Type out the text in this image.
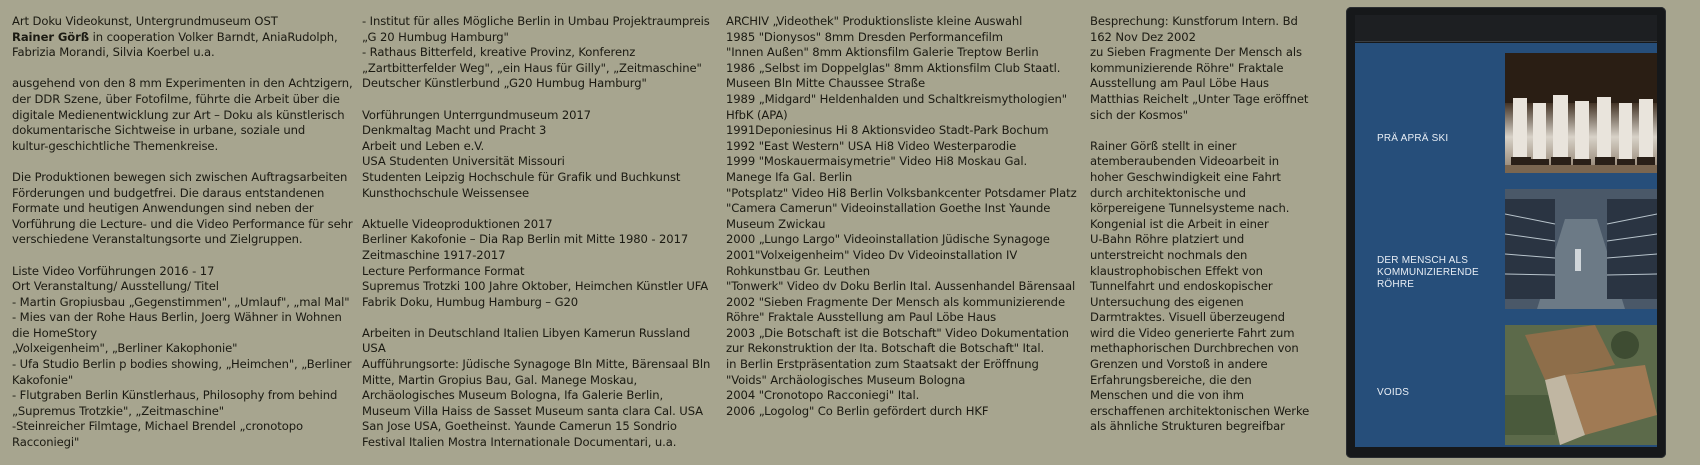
Art Doku Videokunst, Untergrundmuseum OST

Rainer Görß in cooperation Volker Barndt, AniaRudolph,
Fabrizia Morandi, Silvia Koerbel u.a.

ausgehend von den 8 mm Experimenten in den Achtzigern,
der DDR Szene, über Fotofilme, führte die Arbeit über die
digitale Medienentwicklung zur Art – Doku als künstlerisch
dokumentarische Sichtweise in urbane, soziale und
kultur-geschichtliche Themenkreise.

Die Produktionen bewegen sich zwischen Auftragsarbeiten
Förderungen und budgetfrei. Die daraus entstandenen
Formate und heutigen Anwendungen sind neben der
Vorführung die Lecture- und die Video Performance für sehr
verschiedene Veranstaltungsorte und Zielgruppen.

Liste Video Vorführungen 2016 - 17

Ort Veranstaltung/ Ausstellung/ Titel
- Martin Gropiusbau „Gegenstimmen", „Umlauf", „mal Mal"
- Mies van der Rohe Haus Berlin, Joerg Wähner in Wohnen
die HomeStory
„Volxeigenheim", „Berliner Kakophonie"
- Ufa Studio Berlin p bodies showing, „Heimchen", „Berliner
Kakofonie"
- Flutgraben Berlin Künstlerhaus, Philosophy from behind
„Supremus Trotzkie", „Zeitmaschine"
-Steinreicher Filmtage, Michael Brendel „cronotopo
Racconiegi"

- Institut für alles Mögliche Berlin in Umbau Projektraumpreis
„G 20 Humbug Hamburg"
- Rathaus Bitterfeld, kreative Provinz, Konferenz
„Zartbitterfelder Weg", „ein Haus für Gilly", „Zeitmaschine"
Deutscher Künstlerbund „G20 Humbug Hamburg"

Vorführungen Unterrgundmuseum 2017

Denkmaltag Macht und Pracht 3
Arbeit und Leben e.V.
USA Studenten Universität Missouri
Studenten Leipzig Hochschule für Grafik und Buchkunst
Kunsthochschule Weissensee

Aktuelle Videoproduktionen 2017

Berliner Kakofonie – Dia Rap Berlin mit Mitte 1980 - 2017
Zeitmaschine 1917-2017
Lecture Performance Format
Supremus Trotzki 100 Jahre Oktober, Heimchen Künstler UFA
Fabrik Doku, Humbug Hamburg – G20

Arbeiten in Deutschland Italien Libyen Kamerun Russland USA
Aufführungsorte: Jüdische Synagoge Bln Mitte, Bärensaal Bln
Mitte, Martin Gropius Bau, Gal. Manege Moskau,
Archäologisches Museum Bologna, Ifa Galerie Berlin,
Museum Villa Haiss de Sasset Museum santa clara Cal. USA
San Jose USA, Goetheinst. Yaunde Camerun 15 Sondrio
Festival Italien Mostra Internationale Documentari, u.a.

ARCHIV „Videothek" Produktionsliste kleine Auswahl

1985 "Dionysos" 8mm Dresden Performancefilm
"Innen Außen" 8mm Aktionsfilm Galerie Treptow Berlin
1986 „Selbst im Doppelglas" 8mm Aktionsfilm Club Staatl.
Museen Bln Mitte Chaussee Straße
1989 „Midgard" Heldenhalden und Schaltkreismythologien"
HfbK (APA)
1991Deponiesinus Hi 8 Aktionsvideo Stadt-Park Bochum
1992 "East Western" USA Hi8 Video Westerparodie
1999 "Moskauermaisymetrie" Video Hi8 Moskau Gal.
Manege Ifa Gal. Berlin
"Potsplatz" Video Hi8 Berlin Volksbankcenter Potsdamer Platz
"Camera Camerun" Videoinstallation Goethe Inst Yaunde
Museum Zwickau
2000 „Lungo Largo" Videoinstallation Jüdische Synagoge
2001"Volxeigenheim" Video Dv Videoinstallation IV
Rohkunstbau Gr. Leuthen
"Tonwerk" Video dv Doku Berlin Ital. Aussenhandel Bärensaal
2002 "Sieben Fragmente Der Mensch als kommunizierende
Röhre" Fraktale Ausstellung am Paul Löbe Haus
2003 „Die Botschaft ist die Botschaft" Video Dokumentation
zur Rekonstruktion der Ita. Botschaft die Botschaft" Ital.
in Berlin Erstpräsentation zum Staatsakt der Eröffnung
"Voids" Archäologisches Museum Bologna
2004 "Cronotopo Racconiegi" Ital.
2006 „Logolog" Co Berlin gefördert durch HKF

Besprechung: Kunstforum Intern. Bd
162 Nov Dez 2002

zu Sieben Fragmente Der Mensch als
kommunizierende Röhre" Fraktale
Ausstellung am Paul Löbe Haus
Matthias Reichelt „Unter Tage eröffnet
sich der Kosmos"

Rainer Görß stellt in einer
atemberaubenden Videoarbeit in
hoher Geschwindigkeit eine Fahrt
durch architektonische und
körpereigene Tunnelsysteme nach.
Kongenial ist die Arbeit in einer
U-Bahn Röhre platziert und
unterstreicht nochmals den
klaustrophobischen Effekt von
Tunnelfahrt und endoskopischer
Untersuchung des eigenen
Darmtraktes. Visuell überzeugend
wird die Video generierte Fahrt zum
methaphorischen Durchbrechen von
Grenzen und Vorstoß in andere
Erfahrungsbereiche, die den
Menschen und die von ihm
erschaffenen architektonischen Werke
als ähnliche Strukturen begreifbar

PRÄ APRÄ SKI
DER MENSCH ALS
KOMMUNIZIERENDE
RÖHRE
VOIDS
